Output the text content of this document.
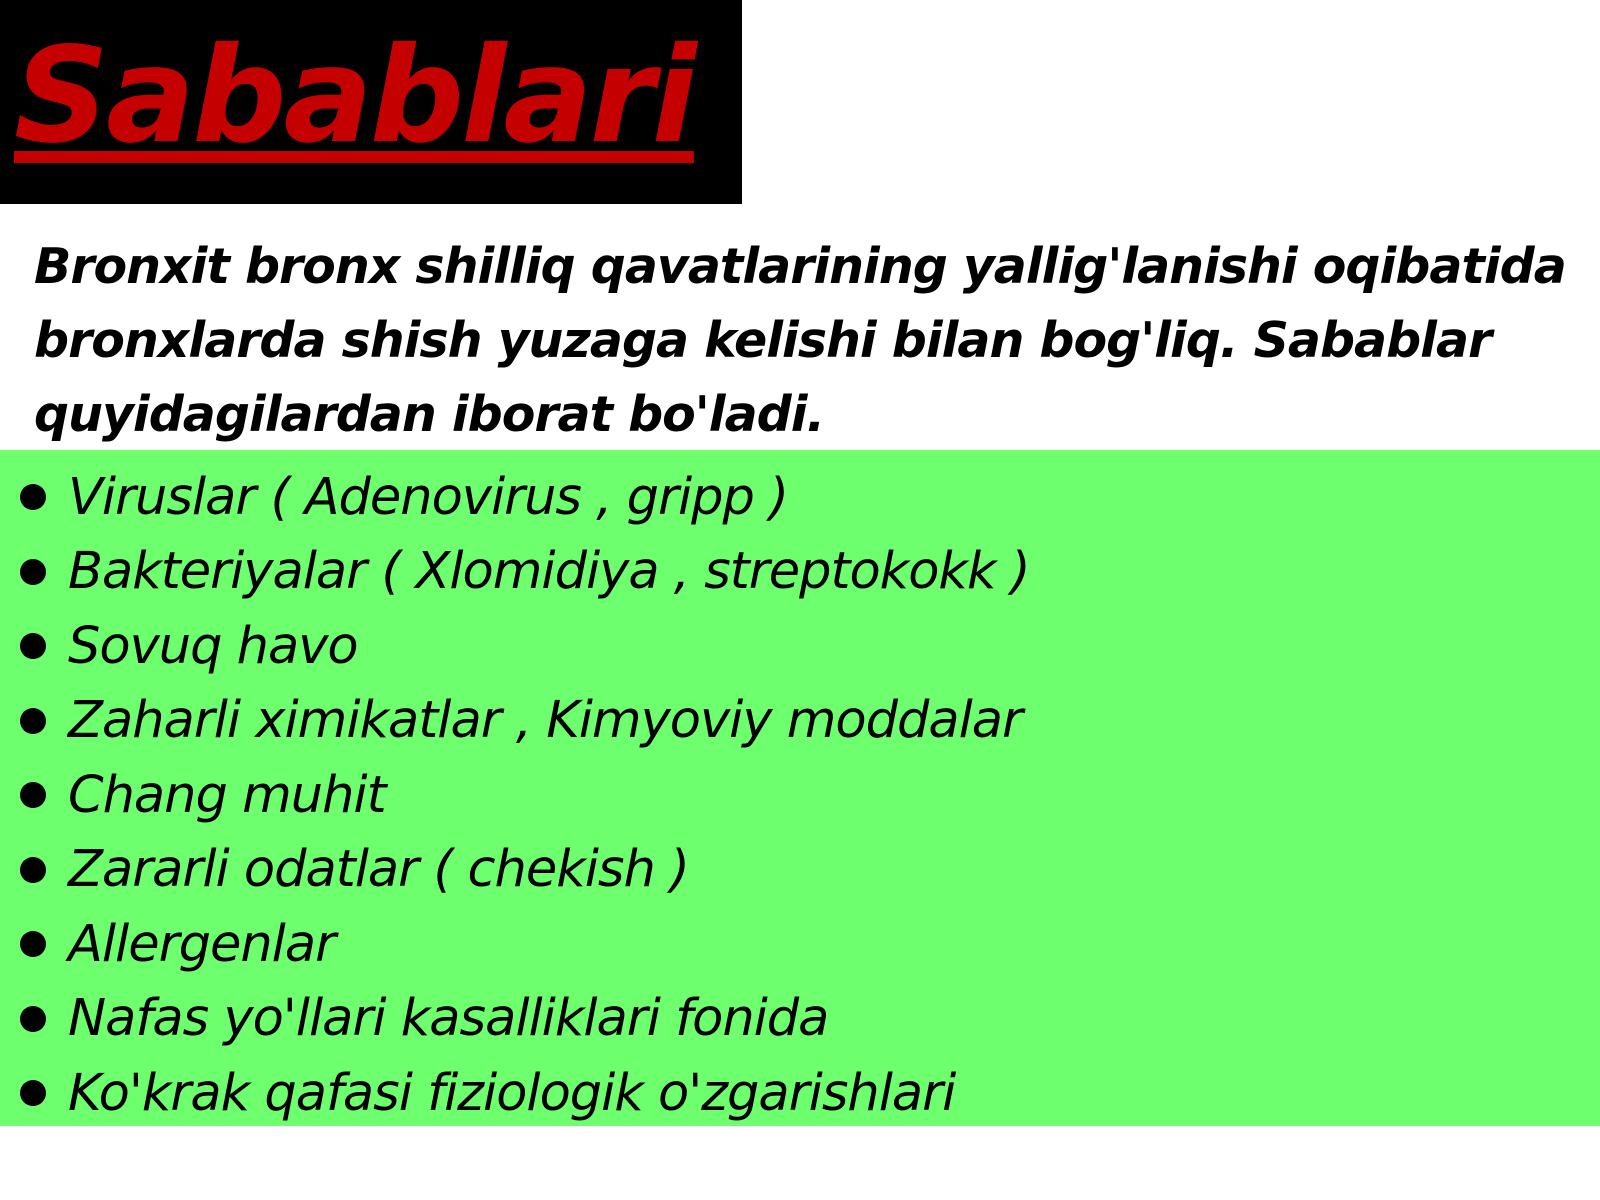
Sabablari

Bronxit bronx shilliq qavatlarining yallig'lanishi oqibatida bronxlarda shish yuzaga kelishi bilan bog'liq. Sabablar quyidagilardan iborat bo'ladi.

Viruslar ( Adenovirus , gripp )
Bakteriyalar ( Xlomidiya , streptokokk )
Sovuq havo
Zaharli ximikatlar , Kimyoviy moddalar
Chang muhit
Zararli odatlar ( chekish )
Allergenlar
Nafas yo'llari kasalliklari fonida
Ko'krak qafasi fiziologik o'zgarishlari
